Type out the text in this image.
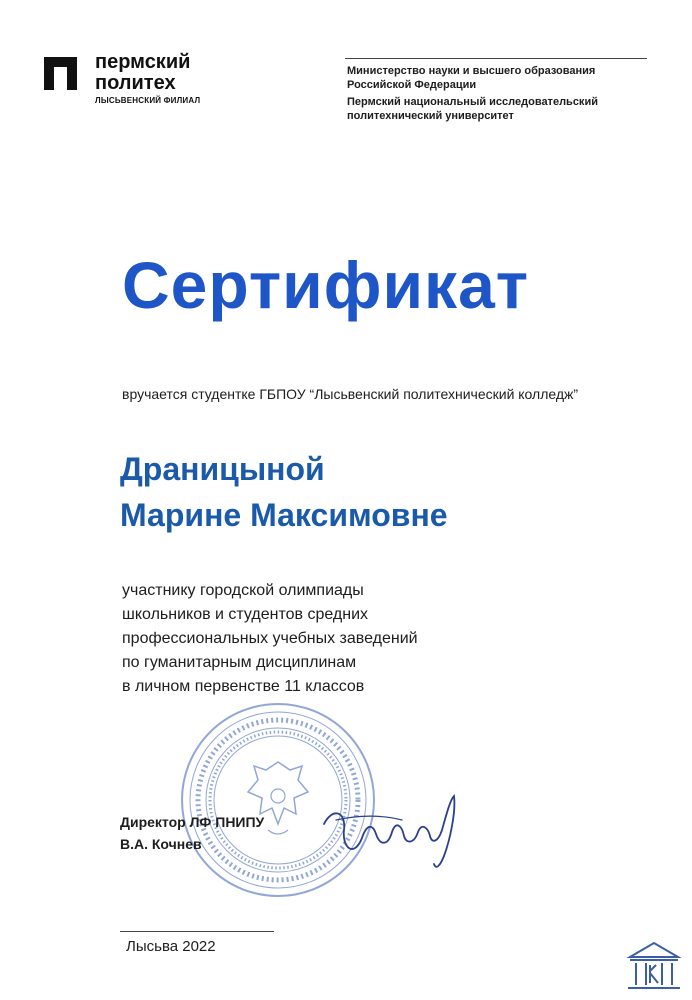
пермский
политех
ЛЫСЬВЕНСКИЙ ФИЛИАЛ
Министерство науки и высшего образования
Российской Федерации
Пермский национальный исследовательский
политехнический университет
Сертификат
вручается студентке ГБПОУ “Лысьвенский политехнический колледж”
Драницыной
Марине Максимовне
участнику городской олимпиады
школьников и студентов средних
профессиональных учебных заведений
по гуманитарным дисциплинам
в личном первенстве 11 классов
Директор ЛФ ПНИПУ
В.А. Кочнев
Лысьва 2022
